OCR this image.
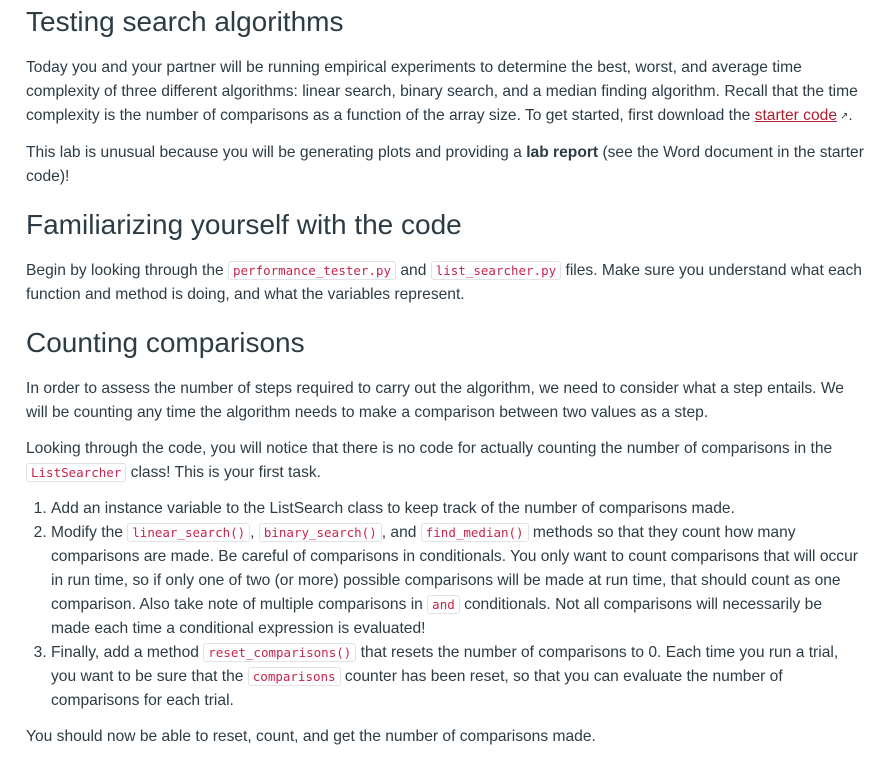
Testing search algorithms

Today you and your partner will be running empirical experiments to determine the best, worst, and average time complexity of three different algorithms: linear search, binary search, and a median finding algorithm. Recall that the time complexity is the number of comparisons as a function of the array size. To get started, first download the starter code ↗.

This lab is unusual because you will be generating plots and providing a lab report (see the Word document in the starter code)!

Familiarizing yourself with the code

Begin by looking through the performance_tester.py and list_searcher.py files. Make sure you understand what each function and method is doing, and what the variables represent.

Counting comparisons

In order to assess the number of steps required to carry out the algorithm, we need to consider what a step entails. We will be counting any time the algorithm needs to make a comparison between two values as a step.

Looking through the code, you will notice that there is no code for actually counting the number of comparisons in the ListSearcher class! This is your first task.

1. Add an instance variable to the ListSearch class to keep track of the number of comparisons made.
2. Modify the linear_search() , binary_search() , and find_median() methods so that they count how many comparisons are made. Be careful of comparisons in conditionals. You only want to count comparisons that will occur in run time, so if only one of two (or more) possible comparisons will be made at run time, that should count as one comparison. Also take note of multiple comparisons in and conditionals. Not all comparisons will necessarily be made each time a conditional expression is evaluated!
3. Finally, add a method reset_comparisons() that resets the number of comparisons to 0. Each time you run a trial, you want to be sure that the comparisons counter has been reset, so that you can evaluate the number of comparisons for each trial.

You should now be able to reset, count, and get the number of comparisons made.
